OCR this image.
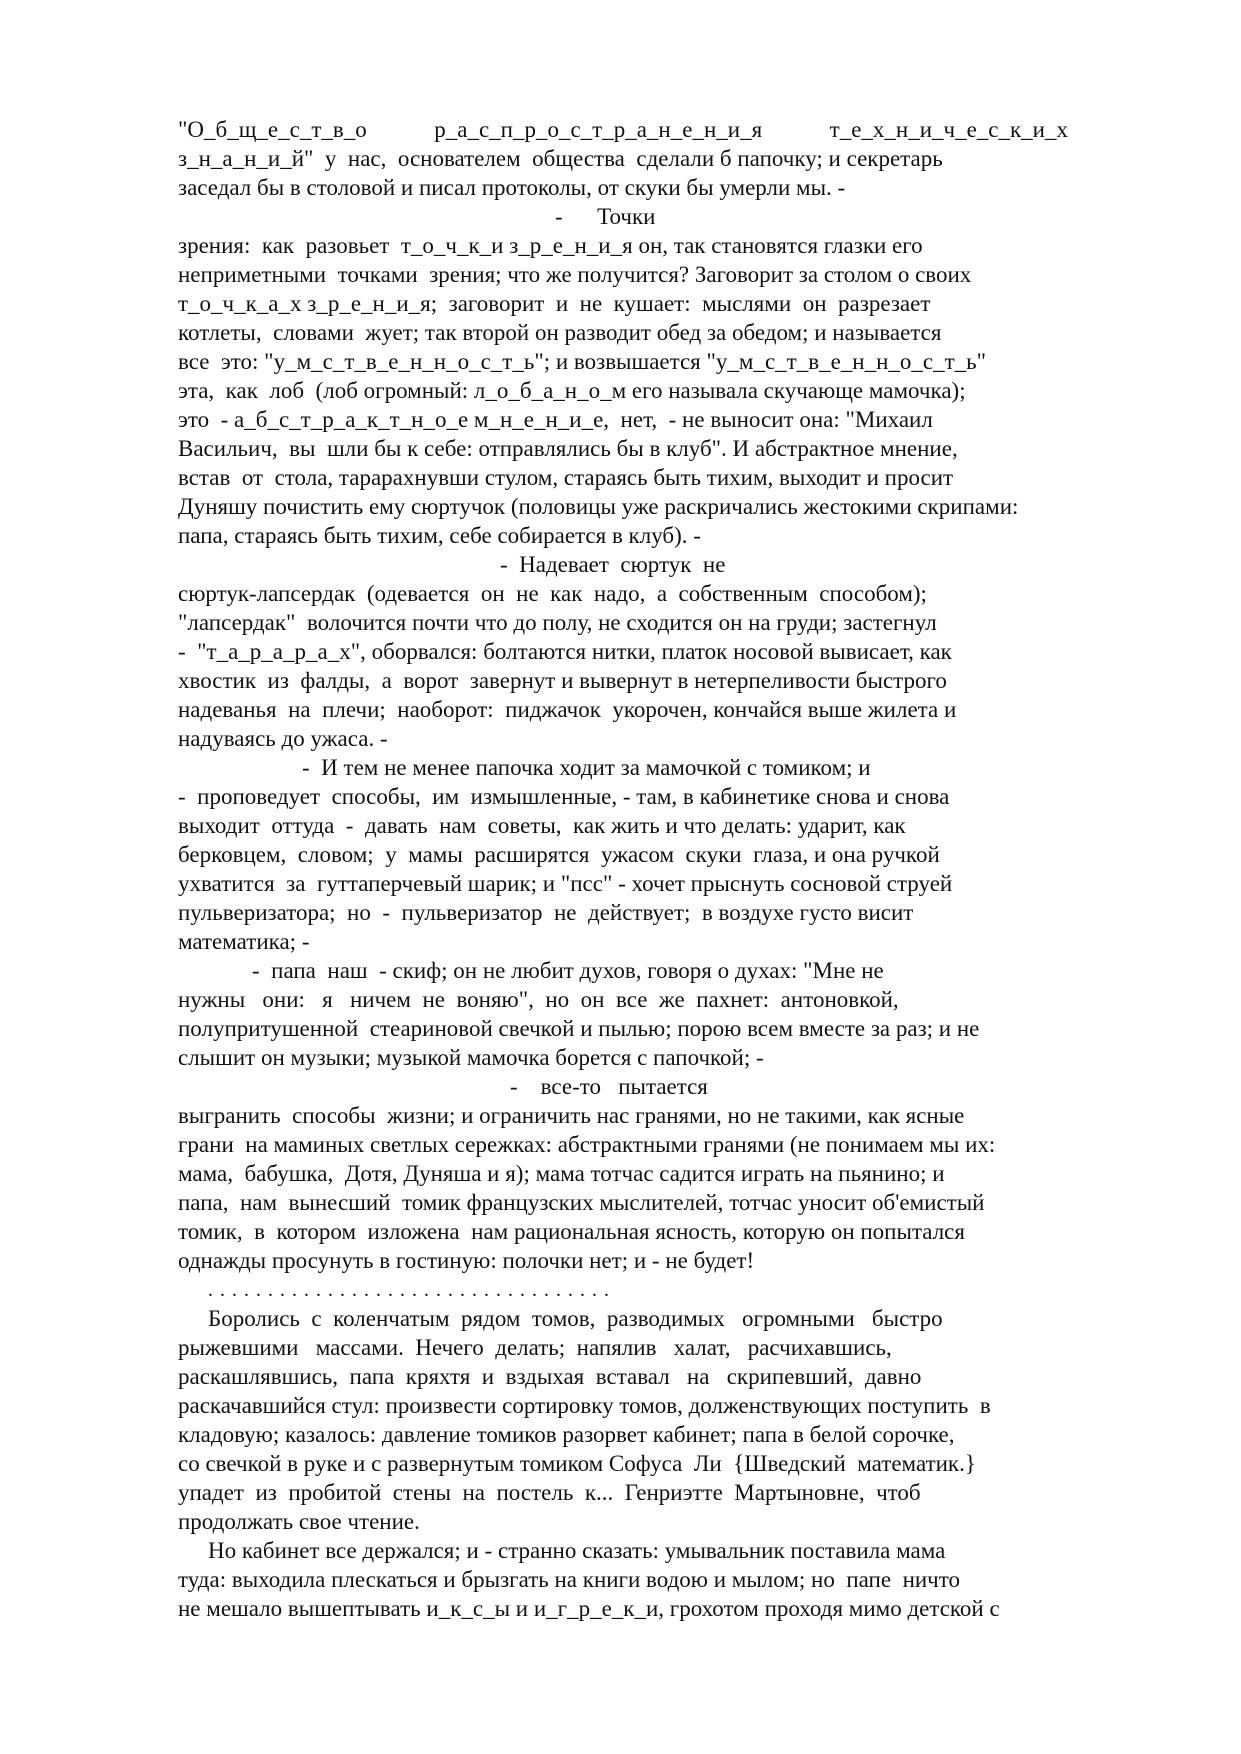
"О_б_щ_е_с_т_в_о р_а_с_п_р_о_с_т_р_а_н_е_н_и_я т_е_х_н_и_ч_е_с_к_и_х

з_н_а_н_и_й"  у  нас,  основателем  общества  сделали б папочку; и секретарь

заседал бы в столовой и писал протоколы, от скуки бы умерли мы. -

-      Точки

зрения:  как  разовьет  т_о_ч_к_и з_р_е_н_и_я он, так становятся глазки его

неприметными  точками  зрения; что же получится? Заговорит за столом о своих

т_о_ч_к_а_х з_р_е_н_и_я;  заговорит  и  не  кушает:  мыслями  он  разрезает

котлеты,  словами  жует; так второй он разводит обед за обедом; и называется

все  это: "у_м_с_т_в_е_н_н_о_с_т_ь"; и возвышается "у_м_с_т_в_е_н_н_о_с_т_ь"

эта,  как  лоб  (лоб огромный: л_о_б_а_н_о_м его называла скучающе мамочка);

это  - а_б_с_т_р_а_к_т_н_о_е м_н_е_н_и_е,  нет,  - не выносит она: "Михаил

Васильич,  вы  шли бы к себе: отправлялись бы в клуб". И абстрактное мнение,

встав  от  стола, тарарахнувши стулом, стараясь быть тихим, выходит и просит

Дуняшу почистить ему сюртучок (половицы уже раскричались жестокими скрипами:

папа, стараясь быть тихим, себе собирается в клуб). -

-  Надевает  сюртук  не

сюртук-лапсердак  (одевается  он  не  как  надо,  а  собственным  способом);

"лапсердак"  волочится почти что до полу, не сходится он на груди; застегнул

-  "т_а_р_а_р_а_х", оборвался: болтаются нитки, платок носовой вывисает, как

хвостик  из  фалды,  а  ворот  завернут и вывернут в нетерпеливости быстрого

надеванья  на  плечи;  наоборот:  пиджачок  укорочен, кончайся выше жилета и

надуваясь до ужаса. -

-  И тем не менее папочка ходит за мамочкой с томиком; и

-  проповедует  способы,  им  измышленные, - там, в кабинетике снова и снова

выходит  оттуда  -  давать  нам  советы,  как жить и что делать: ударит, как

берковцем,  словом;  у  мамы  расширятся  ужасом  скуки  глаза, и она ручкой

ухватится  за  гуттаперчевый шарик; и "псс" - хочет прыснуть сосновой струей

пульверизатора;  но  -  пульверизатор  не  действует;  в воздухе густо висит

математика; -

-  папа  наш  - скиф; он не любит духов, говоря о духах: "Мне не

нужны   они:   я   ничем  не  воняю",  но  он  все  же  пахнет:  антоновкой,

полупритушенной  стеариновой свечкой и пылью; порою всем вместе за раз; и не

слышит он музыки; музыкой мамочка борется с папочкой; -

-    все-то   пытается

выгранить  способы  жизни; и ограничить нас гранями, но не такими, как ясные

грани  на маминых светлых сережках: абстрактными гранями (не понимаем мы их:

мама,  бабушка,  Дотя, Дуняша и я); мама тотчас садится играть на пьянино; и

папа,  нам  вынесший  томик французских мыслителей, тотчас уносит об'емистый

томик,  в  котором  изложена  нам рациональная ясность, которую он попытался

однажды просунуть в гостиную: полочки нет; и - не будет!

. . . . . . . . . . . . . . . . . . . . . . . . . . . . . . . . . .

Боролись  с  коленчатым  рядом  томов,  разводимых   огромными   быстро

рыжевшими   массами.  Нечего  делать;  напялив   халат,   расчихавшись,

раскашлявшись,  папа  кряхтя  и  вздыхая  вставал   на   скрипевший,  давно

раскачавшийся стул: произвести сортировку томов, долженствующих поступить  в

кладовую; казалось: давление томиков разорвет кабинет; папа в белой сорочке,

со свечкой в руке и с развернутым томиком Софуса  Ли  {Шведский  математик.}

упадет  из  пробитой  стены  на  постель  к...  Генриэтте  Мартыновне,  чтоб

продолжать свое чтение.

Но кабинет все держался; и - странно сказать: умывальник поставила мама

туда: выходила плескаться и брызгать на книги водою и мылом; но  папе  ничто

не мешало вышептывать и_к_с_ы и и_г_р_е_к_и, грохотом проходя мимо детской с
